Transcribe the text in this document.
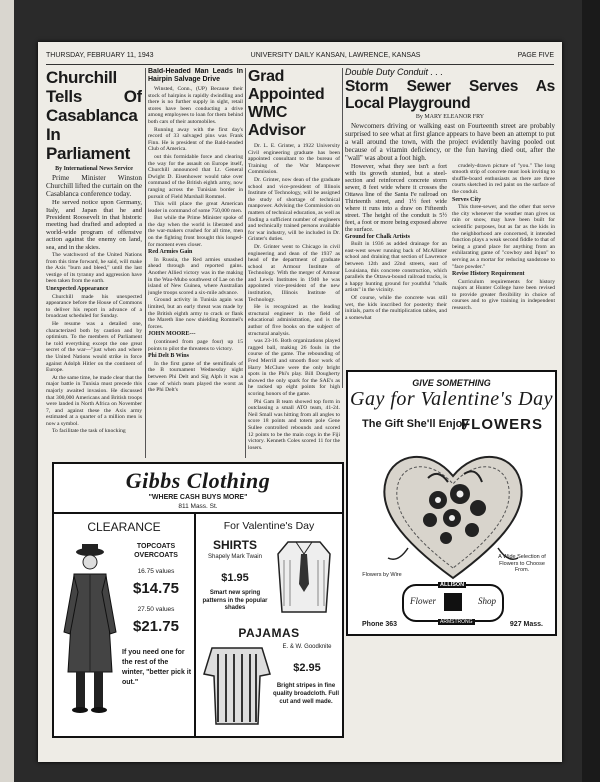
THURSDAY, FEBRUARY 11, 1943	UNIVERSITY DAILY KANSAN, LAWRENCE, KANSAS	PAGE FIVE
Churchill Tells Of Casablanca In Parliament

By International News Service

Prime Minister Winston Churchill lifted the curtain on the Casablanca conference today.

He served notice upon Germany, Italy, and Japan that he and President Roosevelt in that historic meeting had drafted and adopted a world-wide program of offensive action against the enemy on land, sea, and in the skies.

The watchword of the United Nations from this time forward, he said, will make the Axis "burn and bleed," until the last vestige of its tyranny and aggression have been taken from the earth.

Unexpected Appearance

Churchill made his unexpected appearance before the House of Commons to deliver his report in advance of a broadcast scheduled for Sunday.

He resume was a detailed one, characterized both by caution and by optimism. To the members of Parliament he told everything except the one great secret of the war—"just when and where the United Nations would strike in force against Adolph Hitler on the continent of Europe.

At the same time, he made clear that the major battle in Tunisia must precede this majorly awaited invasion. He discussed that 300,000 Americans and British troops were landed in North Africa on November 7, and against these the Axis army estimated at a quarter of a million men is now a symbol.

To facilitate the task of knocking

Bald-Headed Man Leads In Hairpin Salvage Drive

Winsted, Conn., (UP) Because their stock of hairpins is rapidly dwindling and there is no further supply in sight, retail stores have been conducting a drive among employees to loan for them behind both cars of their automobiles.

Running away with the first day's record of 33 salvaged pins was Frank Finn. He is president of the Bald-headed Club of America.

out this formidable force and clearing the way for the assault on Europe itself, Churchill announced that Lt. General Dwight D. Eisenhower would take over command of the British eighth army, now ranging across the Tunisian border in pursuit of Field Marshall Rommel.

This will place the great American leader in command of some 750,000 men.

But while the Prime Minister spoke of the day when the world is liberated and the war-makers crushed for all time, men on the fighting front brought this longed-for moment even closer.

Red Armies Gain

In Russia, the Red armies smashed ahead through and reported gains. Another Allied victory was in the making in the Wau-Mubo southwest of Lae on the island of New Guinea, where Australian jungle troops scored a six-mile advance.

Ground activity in Tunisia again was limited, but an early threat was made by the British eighth army to crack or flank the Mareth line now shielding Rommel's forces.

JOHN MOORE---

(continued from page four) up 15 points to pilot the threatens to victory.

Phi Delt B Wins

In the first game of the semifinals of the B tournament Wednesday night between Phi Delt and Sig Alph it was a case of which team played the worst as the Phi Delt's

Grad Appointed WMC Advisor

Dr. L. E. Grinter, a 1922 University Civil engineering graduate has been appointed consultant to the bureau of Training of the War Manpower Commission.

Dr. Grinter, now dean of the graduate school and vice-president of Illinois Institute of Technology, will be assigned the study of shortage of technical manpower. Advising the Commission on matters of technical education, as well as finding a sufficient number of engineers and technically trained persons available for war industry, will be included in Dr. Grinter's duties.

Dr. Grinter went to Chicago in civil engineering and dean of the 1937 as head of the department of graduate school at Armour Institute of Technology. With the merger of Armour and Lewis Institutes in 1940 he was appointed vice-president of the new institution, Illinois Institute of Technology.

He is recognized as the leading structural engineer in the field of educational administration, and is the author of five books on the subject of structural analysis.

was 23-16. Both organizations played ragged ball, making 26 fouls in the course of the game. The rebounding of Fred Merrill and smooth floor work of Harry McClure were the only bright spots in the Phi's play. Bill Dougherty showed the only spark for the SAE's as he racked up eight points for high scoring honors of the game.

Phi Gam B team showed top form in outclassing a small ATO team, 41-24. Neil Small was hitting from all angles to score 18 points and totem pole Gene Sullee controlled rebounds and scored 12 points to be the main cogs in the Fiji victory. Kenneth Coles scored 11 for the losers.

Double Duty Conduit . . .
Storm Sewer Serves As Local Playground

By MARY ELEANOR FRY

Newcomers driving or walking east on Fourteenth street are probably surprised to see what at first glance appears to have been an attempt to put a wall around the town, with the project evidently having pooled out because of a vitamin deficiency, or the fun having died out, after the "wall" was about a foot high.

However, what they see isn't a fort with its growth stunted, but a steel-section and reinforced concrete storm sewer, 8 feet wide where it crosses the Ottawa line of the Santa Fe railroad on Thirteenth street, and 1½ feet wide where it runs into a draw on Fifteenth street. The height of the conduit is 5½ feet, a foot or more being exposed above the surface.

Ground for Chalk Artists

Built in 1936 as added drainage for an east-west sewer running back of McAllister school and draining that section of Lawrence between 12th and 22nd streets, east of Louisiana, this concrete construction, which parallels the Ottawa-bound railroad tracks, is a happy hunting ground for youthful "chalk artists" in the vicinity.

Of course, while the concrete was still wet, the kids inscribed for posterity their initials, parts of the multiplication tables, and a somewhat

crudely-drawn picture of "you." The long smooth strip of concrete must look inviting to shuffle-board enthusiasts as there are three courts sketched in red paint on the surface of the conduit.

Serves City

This three-sewer, and the other that serve the city whenever the weather man gives us rain or snow, may have been built for scientific purposes, but as far as the kids in the neighborhood are concerned, it intended function plays a weak second fiddle to that of being a grand place for anything from an exhilarating game of "cowboy and Injun" to serving as a mortar for reducing sandstone to "face powder."

Revise History Requirement

Curriculum requirements for history majors at Hunter College have been revised to provide greater flexibility in choice of courses and to give training in independent research.

GIVE SOMETHING
Gay for Valentine's Day
The Gift She'll Enjoy
FLOWERS
Flowers by Wire
A Wide Selection of Flowers to Choose From.
ALLISON
Flower	Shop
ARMSTRONG
Phone 363	927 Mass.
Gibbs Clothing
"WHERE CASH BUYS MORE"
811 Mass. St.
CLEARANCE
TOPCOATS OVERCOATS
16.75 values
$14.75
27.50 values
$21.75
If you need one for the rest of the winter, "better pick it out."
For Valentine's Day
SHIRTS
Shapely Mark Twain
$1.95
Smart new spring patterns in the popular shades
PAJAMAS
E. & W. Goodknite
$2.95
Bright stripes in fine quality broadcloth. Full cut and well made.
